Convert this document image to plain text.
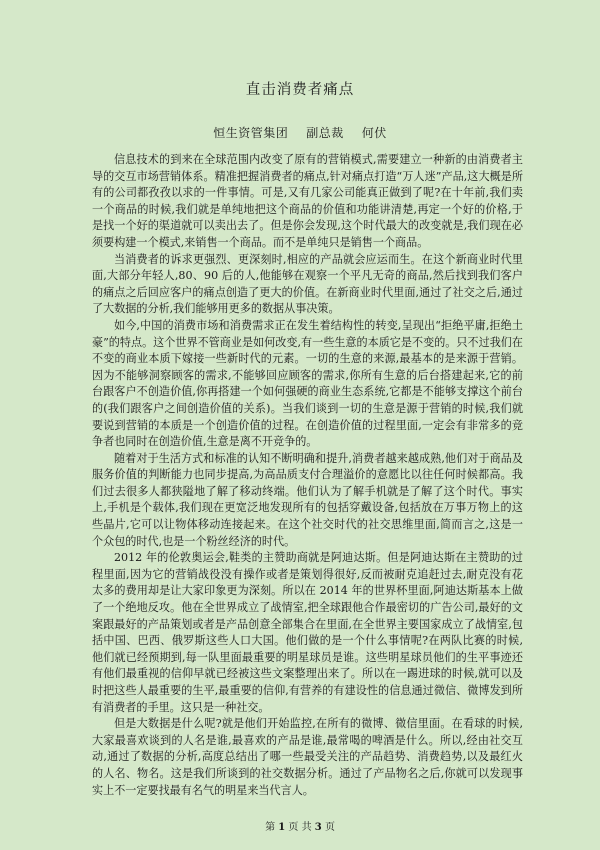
直击消费者痛点
恒生资管集团 副总裁 何伏

信息技术的到来在全球范围内改变了原有的营销模式,需要建立一种新的由消费者主导的交互市场营销体系。精准把握消费者的痛点,针对痛点打造“万人迷”产品,这大概是所有的公司都孜孜以求的一件事情。可是,又有几家公司能真正做到了呢?在十年前,我们卖一个商品的时候,我们就是单纯地把这个商品的价值和功能讲清楚,再定一个好的价格,于是找一个好的渠道就可以卖出去了。但是你会发现,这个时代最大的改变就是,我们现在必须要构建一个模式,来销售一个商品。而不是单纯只是销售一个商品。

当消费者的诉求更强烈、更深刻时,相应的产品就会应运而生。在这个新商业时代里面,大部分年轻人,80、90 后的人,他能够在观察一个平凡无奇的商品,然后找到我们客户的痛点之后回应客户的痛点创造了更大的价值。在新商业时代里面,通过了社交之后,通过了大数据的分析,我们能够用更多的数据从事决策。

如今,中国的消费市场和消费需求正在发生着结构性的转变,呈现出“拒绝平庸,拒绝土豪”的特点。这个世界不管商业是如何改变,有一些生意的本质它是不变的。只不过我们在不变的商业本质下嫁接一些新时代的元素。一切的生意的来源,最基本的是来源于营销。因为不能够洞察顾客的需求,不能够回应顾客的需求,你所有生意的后台搭建起来,它的前台跟客户不创造价值,你再搭建一个如何强硬的商业生态系统,它都是不能够支撑这个前台的(我们跟客户之间创造价值的关系)。当我们谈到一切的生意是源于营销的时候,我们就要说到营销的本质是一个创造价值的过程。在创造价值的过程里面,一定会有非常多的竞争者也同时在创造价值,生意是离不开竞争的。

随着对于生活方式和标准的认知不断明确和提升,消费者越来越成熟,他们对于商品及服务价值的判断能力也同步提高,为高品质支付合理溢价的意愿比以往任何时候都高。我们过去很多人都狭隘地了解了移动终端。他们认为了解手机就是了解了这个时代。事实上,手机是个载体,我们现在更宽泛地发现所有的包括穿戴设备,包括放在万事万物上的这些晶片,它可以让物体移动连接起来。在这个社交时代的社交思维里面,简而言之,这是一个众包的时代,也是一个粉丝经济的时代。

2012 年的伦敦奥运会,鞋类的主赞助商就是阿迪达斯。但是阿迪达斯在主赞助的过程里面,因为它的营销战役没有操作或者是策划得很好,反而被耐克追赶过去,耐克没有花太多的费用却是让大家印象更为深刻。所以在 2014 年的世界杯里面,阿迪达斯基本上做了一个绝地反攻。他在全世界成立了战情室,把全球跟他合作最密切的广告公司,最好的文案跟最好的产品策划或者是产品创意全部集合在里面,在全世界主要国家成立了战情室,包括中国、巴西、俄罗斯这些人口大国。他们做的是一个什么事情呢?在两队比赛的时候,他们就已经预期到,每一队里面最重要的明星球员是谁。这些明星球员他们的生平事迹还有他们最重视的信仰早就已经被这些文案整理出来了。所以在一踢进球的时候,就可以及时把这些人最重要的生平,最重要的信仰,有营养的有建设性的信息通过微信、微博发到所有消费者的手里。这只是一种社交。

但是大数据是什么呢?就是他们开始监控,在所有的微博、微信里面。在看球的时候,大家最喜欢谈到的人名是谁,最喜欢的产品是谁,最常喝的啤酒是什么。所以,经由社交互动,通过了数据的分析,高度总结出了哪一些最受关注的产品趋势、消费趋势,以及最红火的人名、物名。这是我们所谈到的社交数据分析。通过了产品物名之后,你就可以发现事实上不一定要找最有名气的明星来当代言人。

第 1 页 共 3 页
